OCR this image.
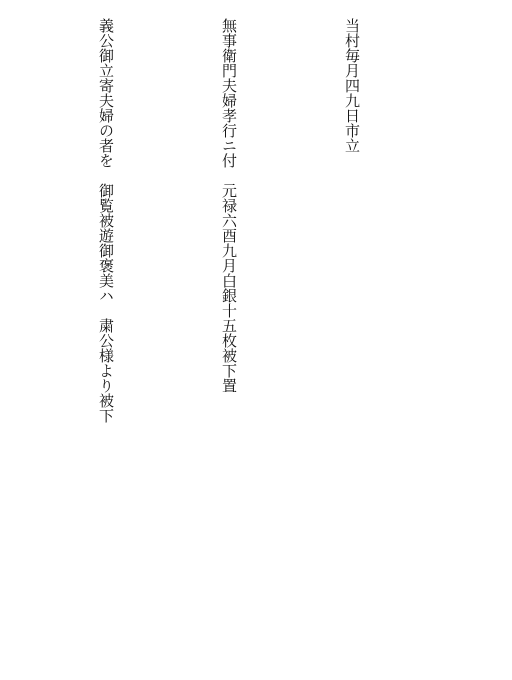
当村毎月四九日市立

無事衛門夫婦孝行ニ付　元禄六酉九月白銀十五枚被下置

義公御立寄夫婦の者を　御覧被遊御褒美ハ　粛公様より被下
